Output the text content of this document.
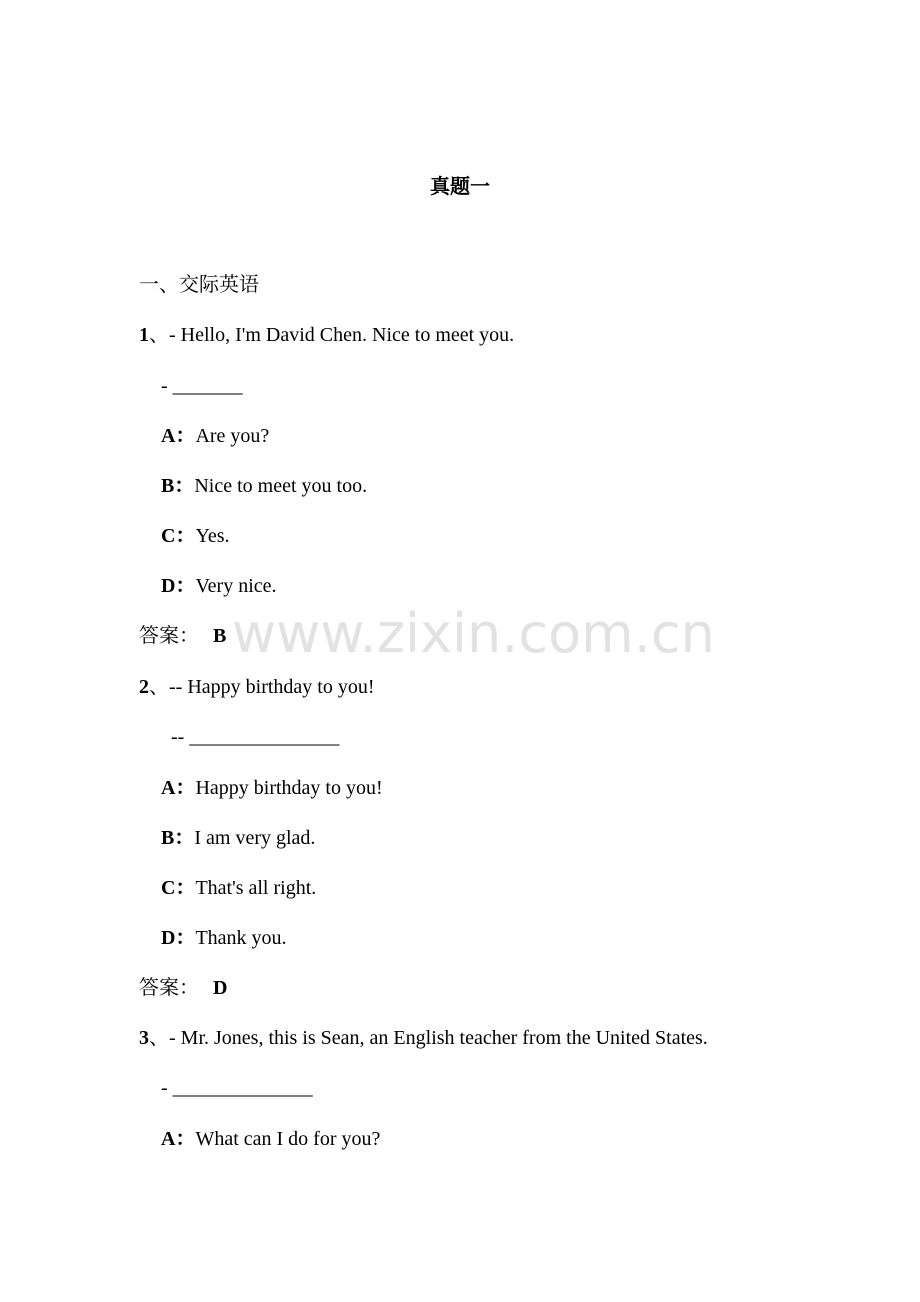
真题一
一、交际英语
1、- Hello, I'm David Chen. Nice to meet you.
- _______
A：Are you?
B：Nice to meet you too.
C：Yes.
D：Very nice.
答案： B
2、-- Happy birthday to you!
-- _______________
A：Happy birthday to you!
B：I am very glad.
C：That's all right.
D：Thank you.
答案： D
3、- Mr. Jones, this is Sean, an English teacher from the United States.
- ______________
A：What can I do for you?
www.zixin.com.cn
